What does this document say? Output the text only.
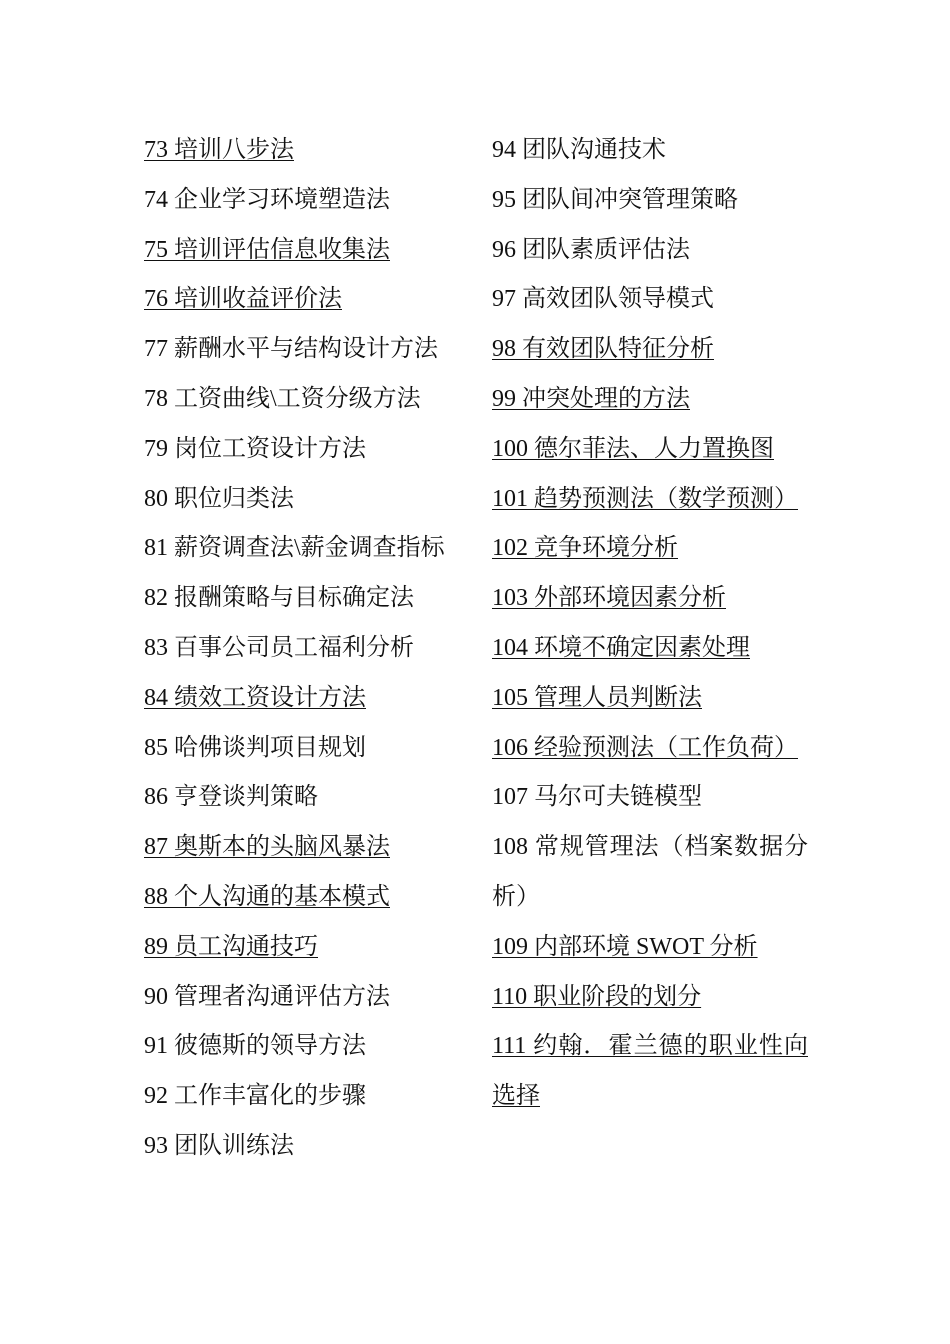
73 培训八步法
74 企业学习环境塑造法
75 培训评估信息收集法
76 培训收益评价法
77 薪酬水平与结构设计方法
78 工资曲线\工资分级方法
79 岗位工资设计方法
80 职位归类法
81 薪资调查法\薪金调查指标
82 报酬策略与目标确定法
83 百事公司员工福利分析
84 绩效工资设计方法
85 哈佛谈判项目规划
86 亨登谈判策略
87 奥斯本的头脑风暴法
88 个人沟通的基本模式
89 员工沟通技巧
90 管理者沟通评估方法
91 彼德斯的领导方法
92 工作丰富化的步骤
93 团队训练法
94 团队沟通技术
95 团队间冲突管理策略
96 团队素质评估法
97 高效团队领导模式
98 有效团队特征分析
99 冲突处理的方法
100 德尔菲法、人力置换图
101 趋势预测法（数学预测）
102 竞争环境分析
103 外部环境因素分析
104 环境不确定因素处理
105 管理人员判断法
106 经验预测法（工作负荷）
107 马尔可夫链模型
108 常规管理法（档案数据分析）
109 内部环境 SWOT 分析
110 职业阶段的划分
111 约翰．霍兰德的职业性向选择
